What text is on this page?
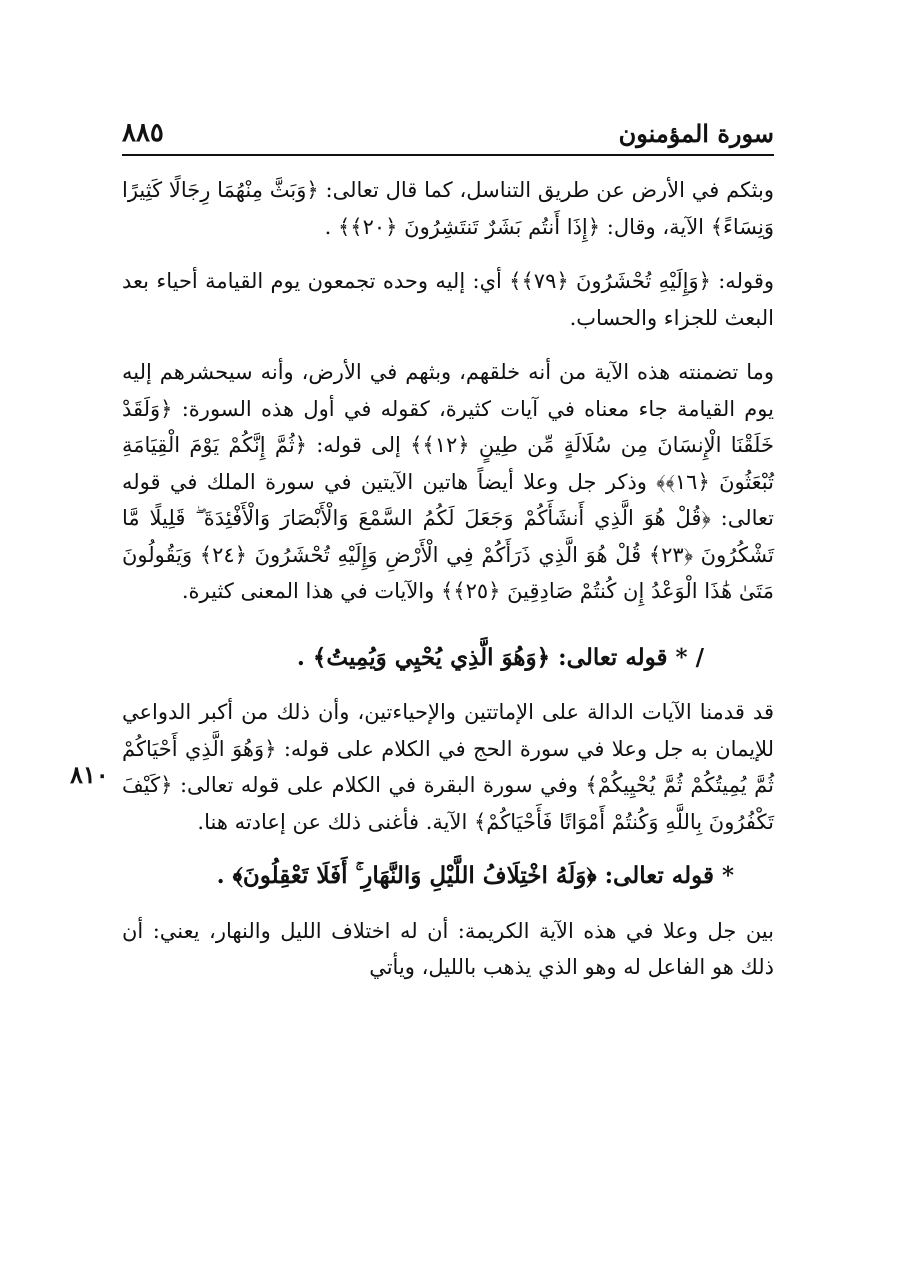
سورة المؤمنون
٨٨٥
٨١٠

وبثكم في الأرض عن طريق التناسل، كما قال تعالى: ﴿وَبَثَّ مِنْهُمَا رِجَالًا كَثِيرًا وَنِسَاءً﴾ الآية، وقال: ﴿إِذَا أَنتُم بَشَرٌ تَنتَشِرُونَ ﴿٢٠﴾﴾ .

وقوله: ﴿وَإِلَيْهِ تُحْشَرُونَ ﴿٧٩﴾﴾ أي: إليه وحده تجمعون يوم القيامة أحياء بعد البعث للجزاء والحساب.

وما تضمنته هذه الآية من أنه خلقهم، وبثهم في الأرض، وأنه سيحشرهم إليه يوم القيامة جاء معناه في آيات كثيرة، كقوله في أول هذه السورة: ﴿وَلَقَدْ خَلَقْنَا الْإِنسَانَ مِن سُلَالَةٍ مِّن طِينٍ ﴿١٢﴾﴾ إلى قوله: ﴿ثُمَّ إِنَّكُمْ يَوْمَ الْقِيَامَةِ تُبْعَثُونَ ﴿١٦﴾﴾ وذكر جل وعلا أيضاً هاتين الآيتين في سورة الملك في قوله تعالى: ﴿قُلْ هُوَ الَّذِي أَنشَأَكُمْ وَجَعَلَ لَكُمُ السَّمْعَ وَالْأَبْصَارَ وَالْأَفْئِدَةَ ۖ قَلِيلًا مَّا تَشْكُرُونَ ﴿٢٣﴾ قُلْ هُوَ الَّذِي ذَرَأَكُمْ فِي الْأَرْضِ وَإِلَيْهِ تُحْشَرُونَ ﴿٢٤﴾ وَيَقُولُونَ مَتَىٰ هَٰذَا الْوَعْدُ إِن كُنتُمْ صَادِقِينَ ﴿٢٥﴾﴾ والآيات في هذا المعنى كثيرة.

/ * قوله تعالى: ﴿وَهُوَ الَّذِي يُحْيِي وَيُمِيتُ﴾ .

قد قدمنا الآيات الدالة على الإماتتين والإحياءتين، وأن ذلك من أكبر الدواعي للإيمان به جل وعلا في سورة الحج في الكلام على قوله: ﴿وَهُوَ الَّذِي أَحْيَاكُمْ ثُمَّ يُمِيتُكُمْ ثُمَّ يُحْيِيكُمْ﴾ وفي سورة البقرة في الكلام على قوله تعالى: ﴿كَيْفَ تَكْفُرُونَ بِاللَّهِ وَكُنتُمْ أَمْوَاتًا فَأَحْيَاكُمْ﴾ الآية. فأغنى ذلك عن إعادته هنا.

* قوله تعالى: ﴿وَلَهُ اخْتِلَافُ اللَّيْلِ وَالنَّهَارِ ۚ أَفَلَا تَعْقِلُونَ﴾ .

بين جل وعلا في هذه الآية الكريمة: أن له اختلاف الليل والنهار، يعني: أن ذلك هو الفاعل له وهو الذي يذهب بالليل، ويأتي
